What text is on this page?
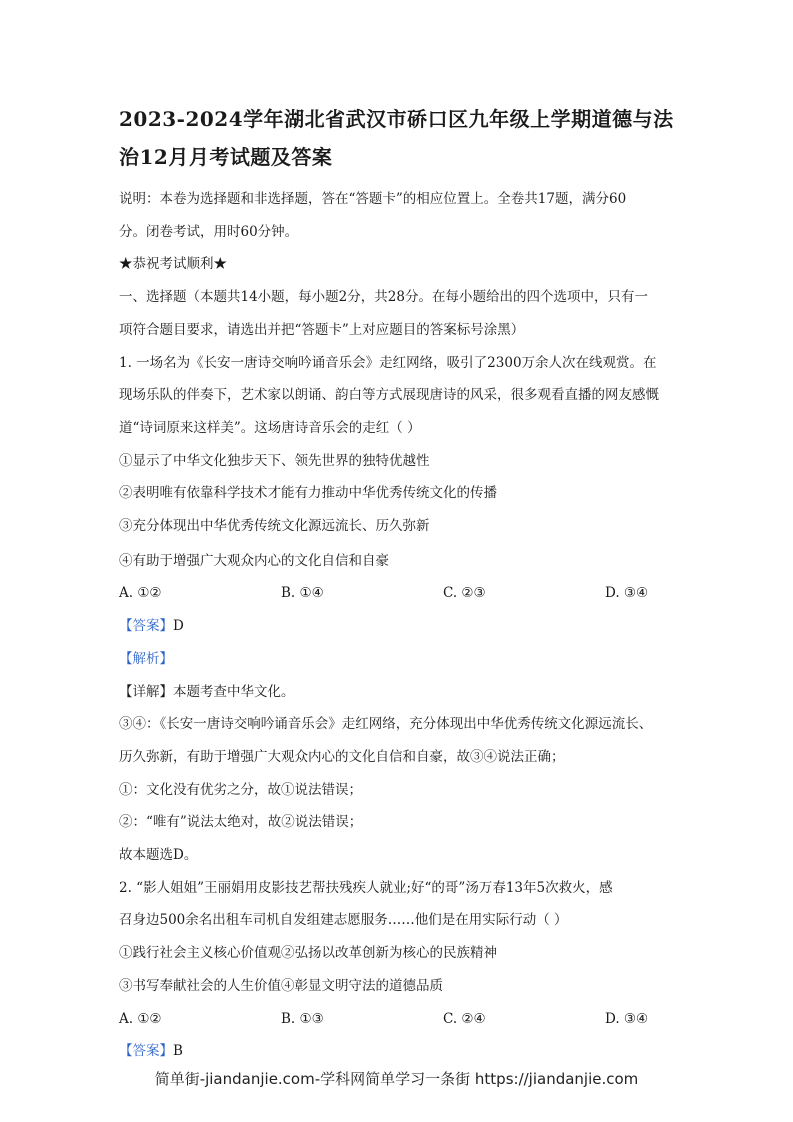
2023-2024学年湖北省武汉市硚口区九年级上学期道德与法治12月月考试题及答案

说明：本卷为选择题和非选择题，答在“答题卡”的相应位置上。全卷共17题，满分60

分。闭卷考试，用时60分钟。

★恭祝考试顺利★

一、选择题（本题共14小题，每小题2分，共28分。在每小题给出的四个选项中，只有一

项符合题目要求，请选出并把“答题卡”上对应题目的答案标号涂黑）

1. 一场名为《长安一唐诗交响吟诵音乐会》走红网络，吸引了2300万余人次在线观赏。在

现场乐队的伴奏下，艺术家以朗诵、韵白等方式展现唐诗的风采，很多观看直播的网友感慨

道“诗词原来这样美”。这场唐诗音乐会的走红（ ）

①显示了中华文化独步天下、领先世界的独特优越性

②表明唯有依靠科学技术才能有力推动中华优秀传统文化的传播

③充分体现出中华优秀传统文化源远流长、历久弥新

④有助于增强广大观众内心的文化自信和自豪

A. ①②	B. ①④	C. ②③	D. ③④

【答案】D

【解析】

【详解】本题考查中华文化。

③④：《长安一唐诗交响吟诵音乐会》走红网络，充分体现出中华优秀传统文化源远流长、

历久弥新，有助于增强广大观众内心的文化自信和自豪，故③④说法正确；

①：文化没有优劣之分，故①说法错误；

②：“唯有”说法太绝对，故②说法错误；

故本题选D。

2. “影人姐姐”王丽娟用皮影技艺帮扶残疾人就业;好“的哥”汤万春13年5次救火，感

召身边500余名出租车司机自发组建志愿服务……他们是在用实际行动（ ）

①践行社会主义核心价值观②弘扬以改革创新为核心的民族精神

③书写奉献社会的人生价值④彰显文明守法的道德品质

A. ①②	B. ①③	C. ②④	D. ③④

【答案】B

简单街-jiandanjie.com-学科网简单学习一条街 https://jiandanjie.com
